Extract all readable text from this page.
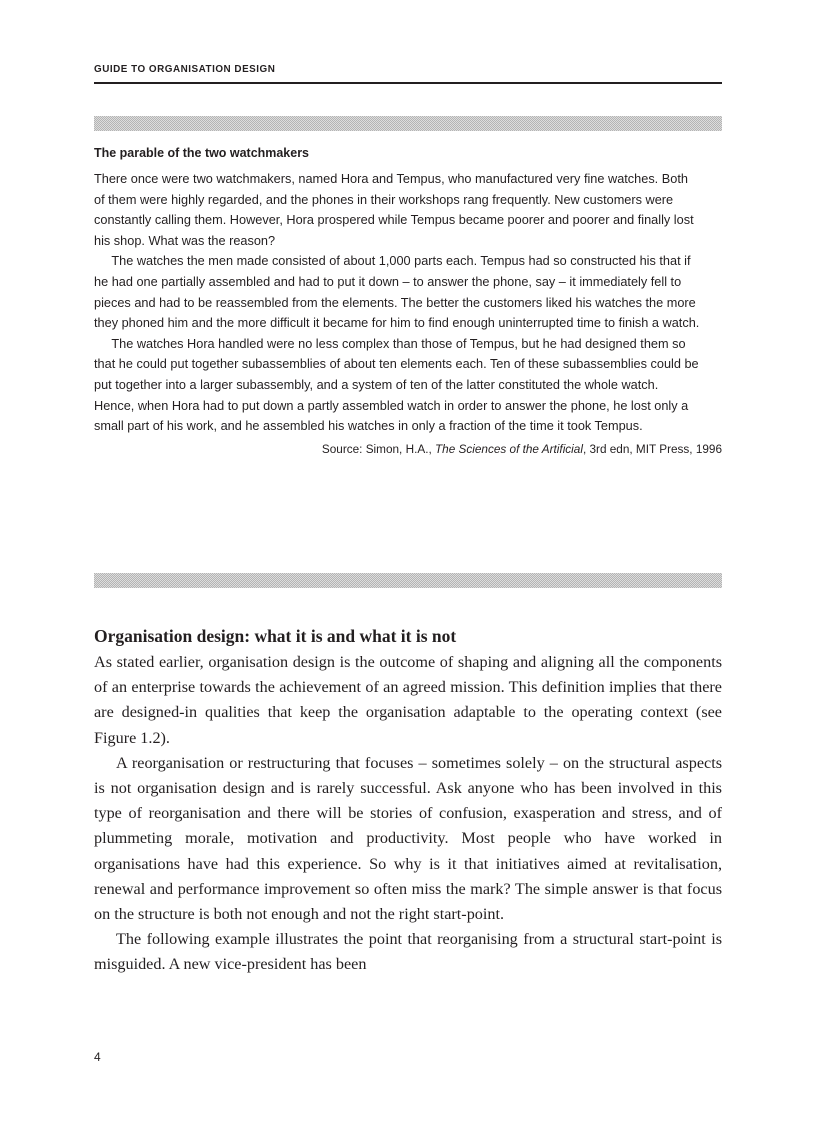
GUIDE TO ORGANISATION DESIGN
The parable of the two watchmakers

There once were two watchmakers, named Hora and Tempus, who manufactured very fine watches. Both of them were highly regarded, and the phones in their workshops rang frequently. New customers were constantly calling them. However, Hora prospered while Tempus became poorer and poorer and finally lost his shop. What was the reason?

The watches the men made consisted of about 1,000 parts each. Tempus had so constructed his that if he had one partially assembled and had to put it down – to answer the phone, say – it immediately fell to pieces and had to be reassembled from the elements. The better the customers liked his watches the more they phoned him and the more difficult it became for him to find enough uninterrupted time to finish a watch.

The watches Hora handled were no less complex than those of Tempus, but he had designed them so that he could put together subassemblies of about ten elements each. Ten of these subassemblies could be put together into a larger subassembly, and a system of ten of the latter constituted the whole watch. Hence, when Hora had to put down a partly assembled watch in order to answer the phone, he lost only a small part of his work, and he assembled his watches in only a fraction of the time it took Tempus.

Source: Simon, H.A., The Sciences of the Artificial, 3rd edn, MIT Press, 1996
Organisation design: what it is and what it is not

As stated earlier, organisation design is the outcome of shaping and aligning all the components of an enterprise towards the achievement of an agreed mission. This definition implies that there are designed-in qualities that keep the organisation adaptable to the operating context (see Figure 1.2).

A reorganisation or restructuring that focuses – sometimes solely – on the structural aspects is not organisation design and is rarely successful. Ask anyone who has been involved in this type of reorganisation and there will be stories of confusion, exasperation and stress, and of plummeting morale, motivation and productivity. Most people who have worked in organisations have had this experience. So why is it that initiatives aimed at revitalisation, renewal and performance improvement so often miss the mark? The simple answer is that focus on the structure is both not enough and not the right start-point.

The following example illustrates the point that reorganising from a structural start-point is misguided. A new vice-president has been

4
